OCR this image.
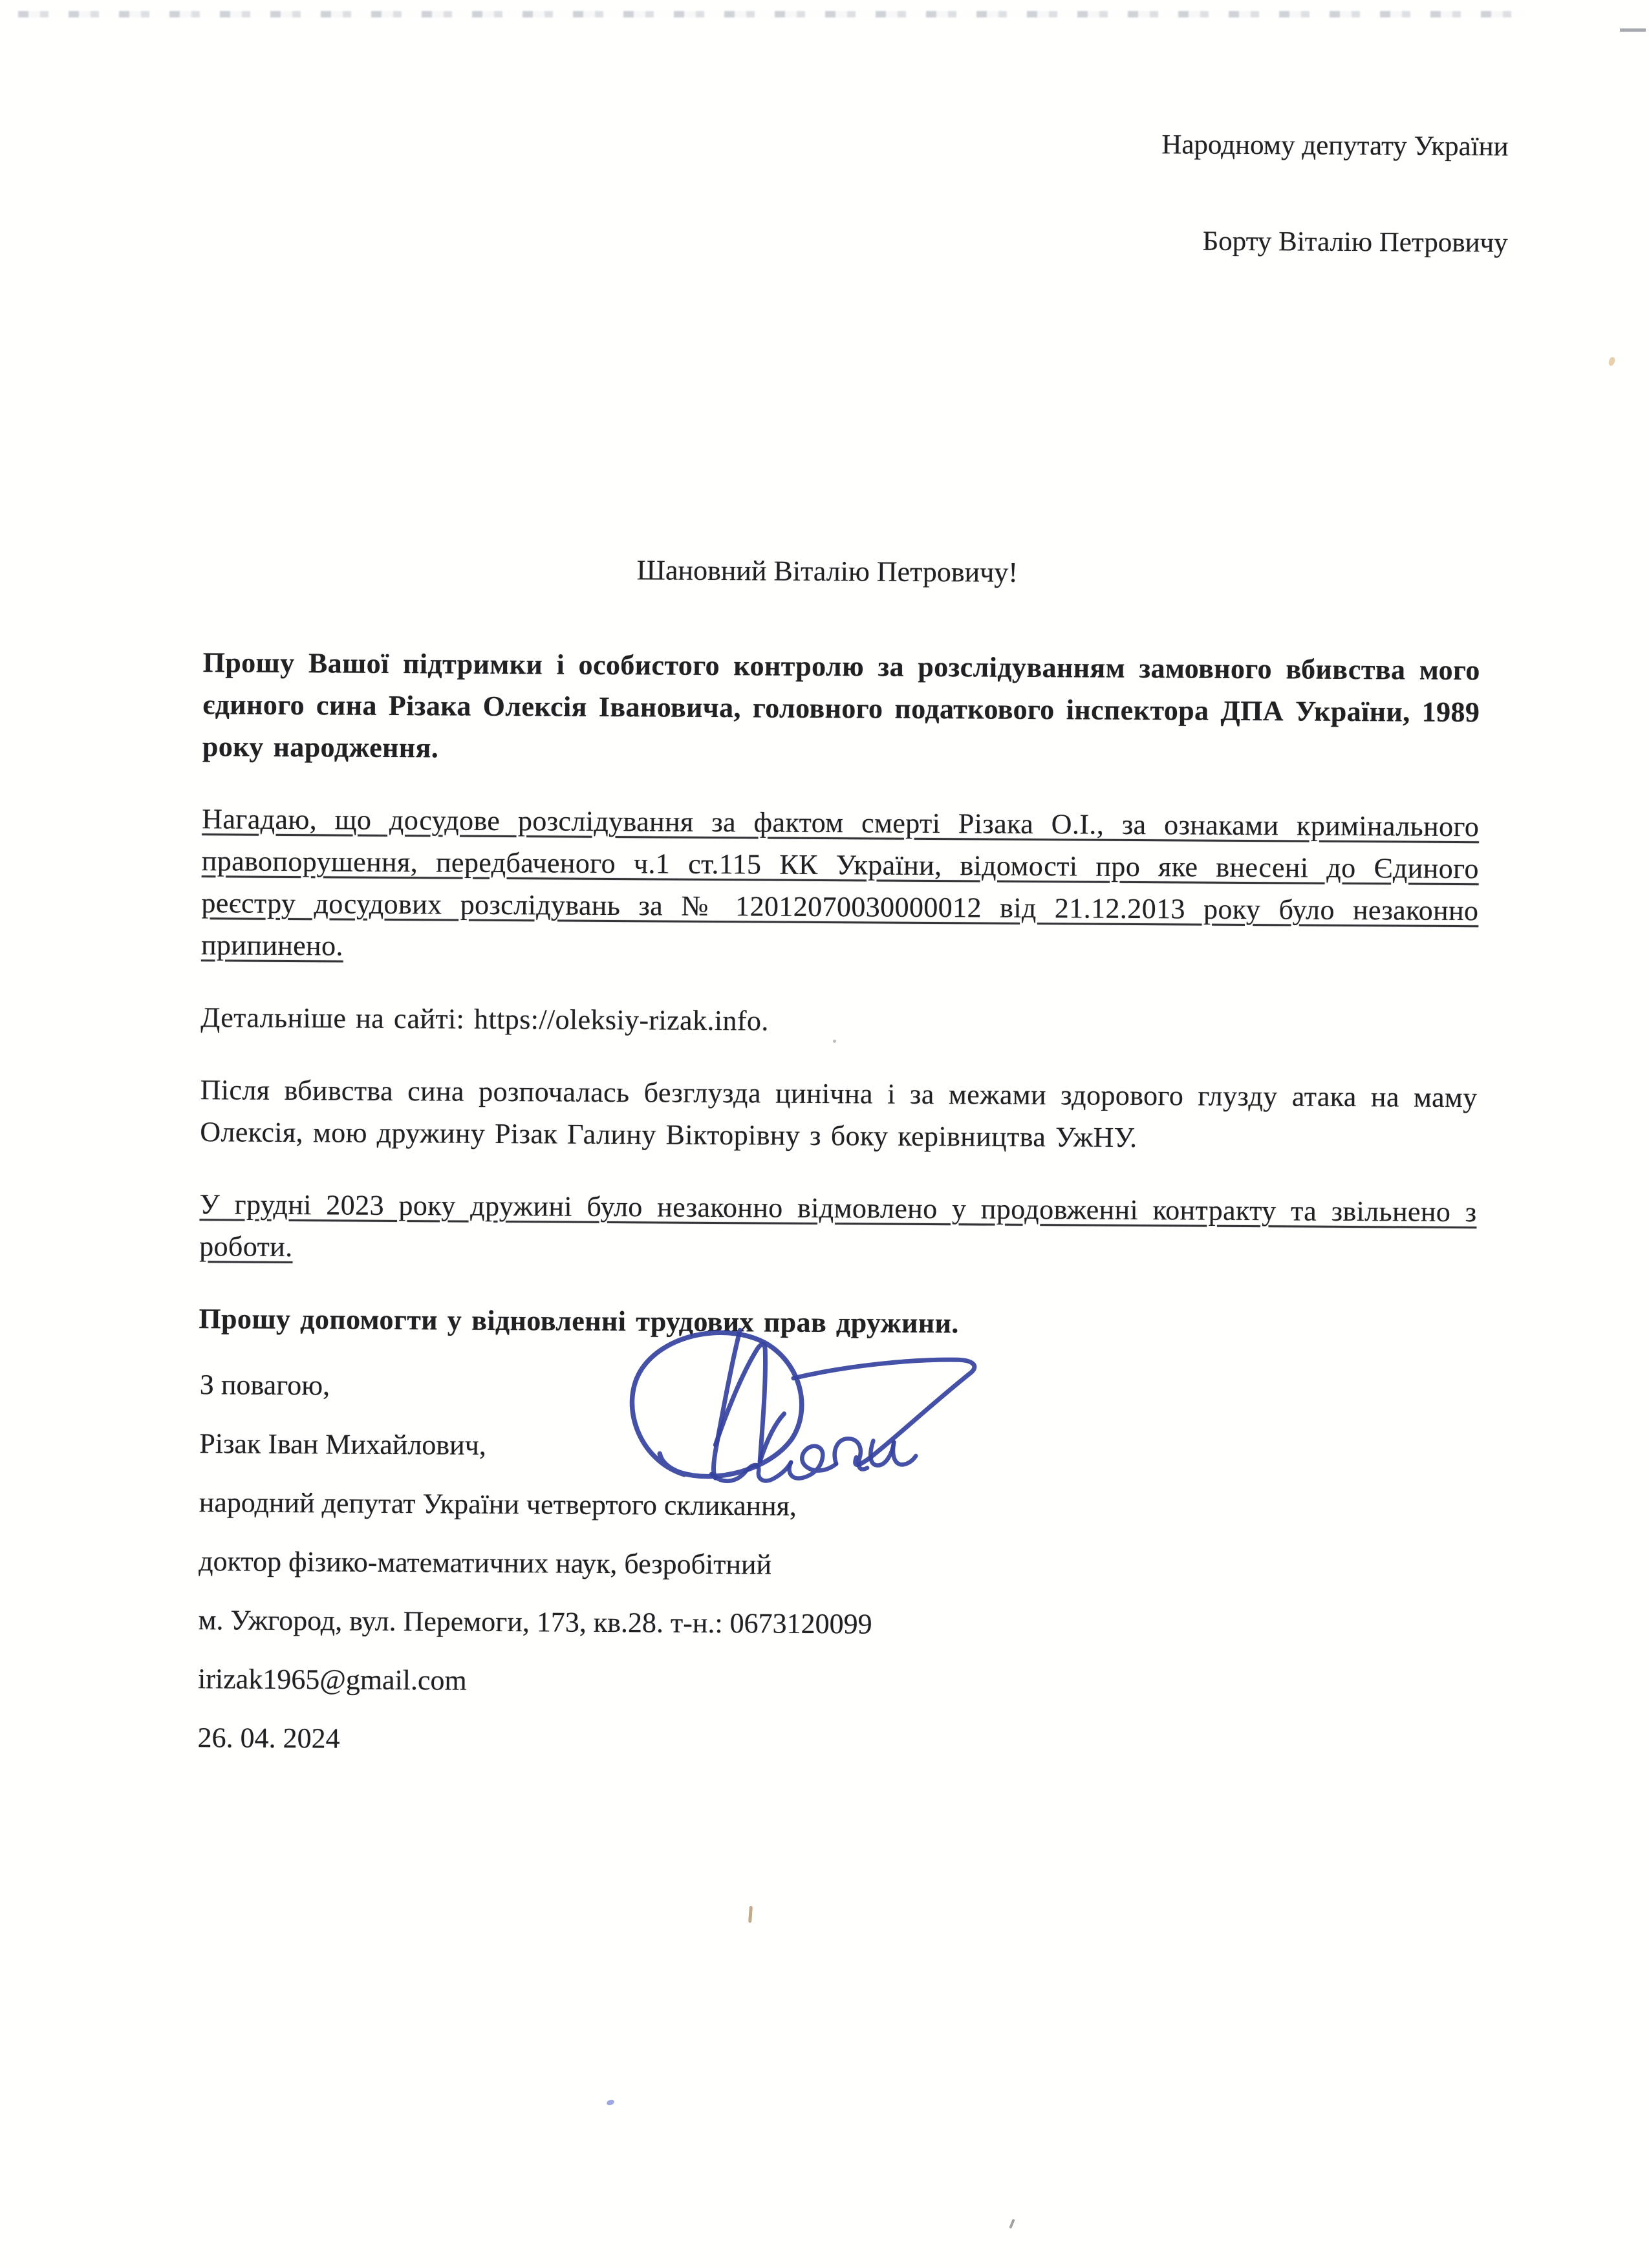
Народному депутату України
Борту Віталію Петровичу
Шановний Віталію Петровичу!

Прошу Вашої підтримки і особистого контролю за розслідуванням замовного вбивства мого єдиного сина Різака Олексія Івановича, головного податкового інспектора ДПА України, 1989 року народження.

Нагадаю, що досудове розслідування за фактом смерті Різака О.І., за ознаками кримінального правопорушення, передбаченого ч.1 ст.115 КК України, відомості про яке внесені до Єдиного реєстру досудових розслідувань за № 12012070030000012 від 21.12.2013 року було незаконно припинено.

Детальніше на сайті: https://oleksiy-rizak.info.

Після вбивства сина розпочалась безглузда цинічна і за межами здорового глузду атака на маму Олексія, мою дружину Різак Галину Вікторівну з боку керівництва УжНУ.

У грудні 2023 року дружині було незаконно відмовлено у продовженні контракту та звільнено з роботи.

Прошу допомогти у відновленні трудових прав дружини.

З повагою,
Різак Іван Михайлович,
народний депутат України четвертого скликання,
доктор фізико-математичних наук, безробітний
м. Ужгород, вул. Перемоги, 173, кв.28. т-н.: 0673120099
irizak1965@gmail.com
26. 04. 2024
